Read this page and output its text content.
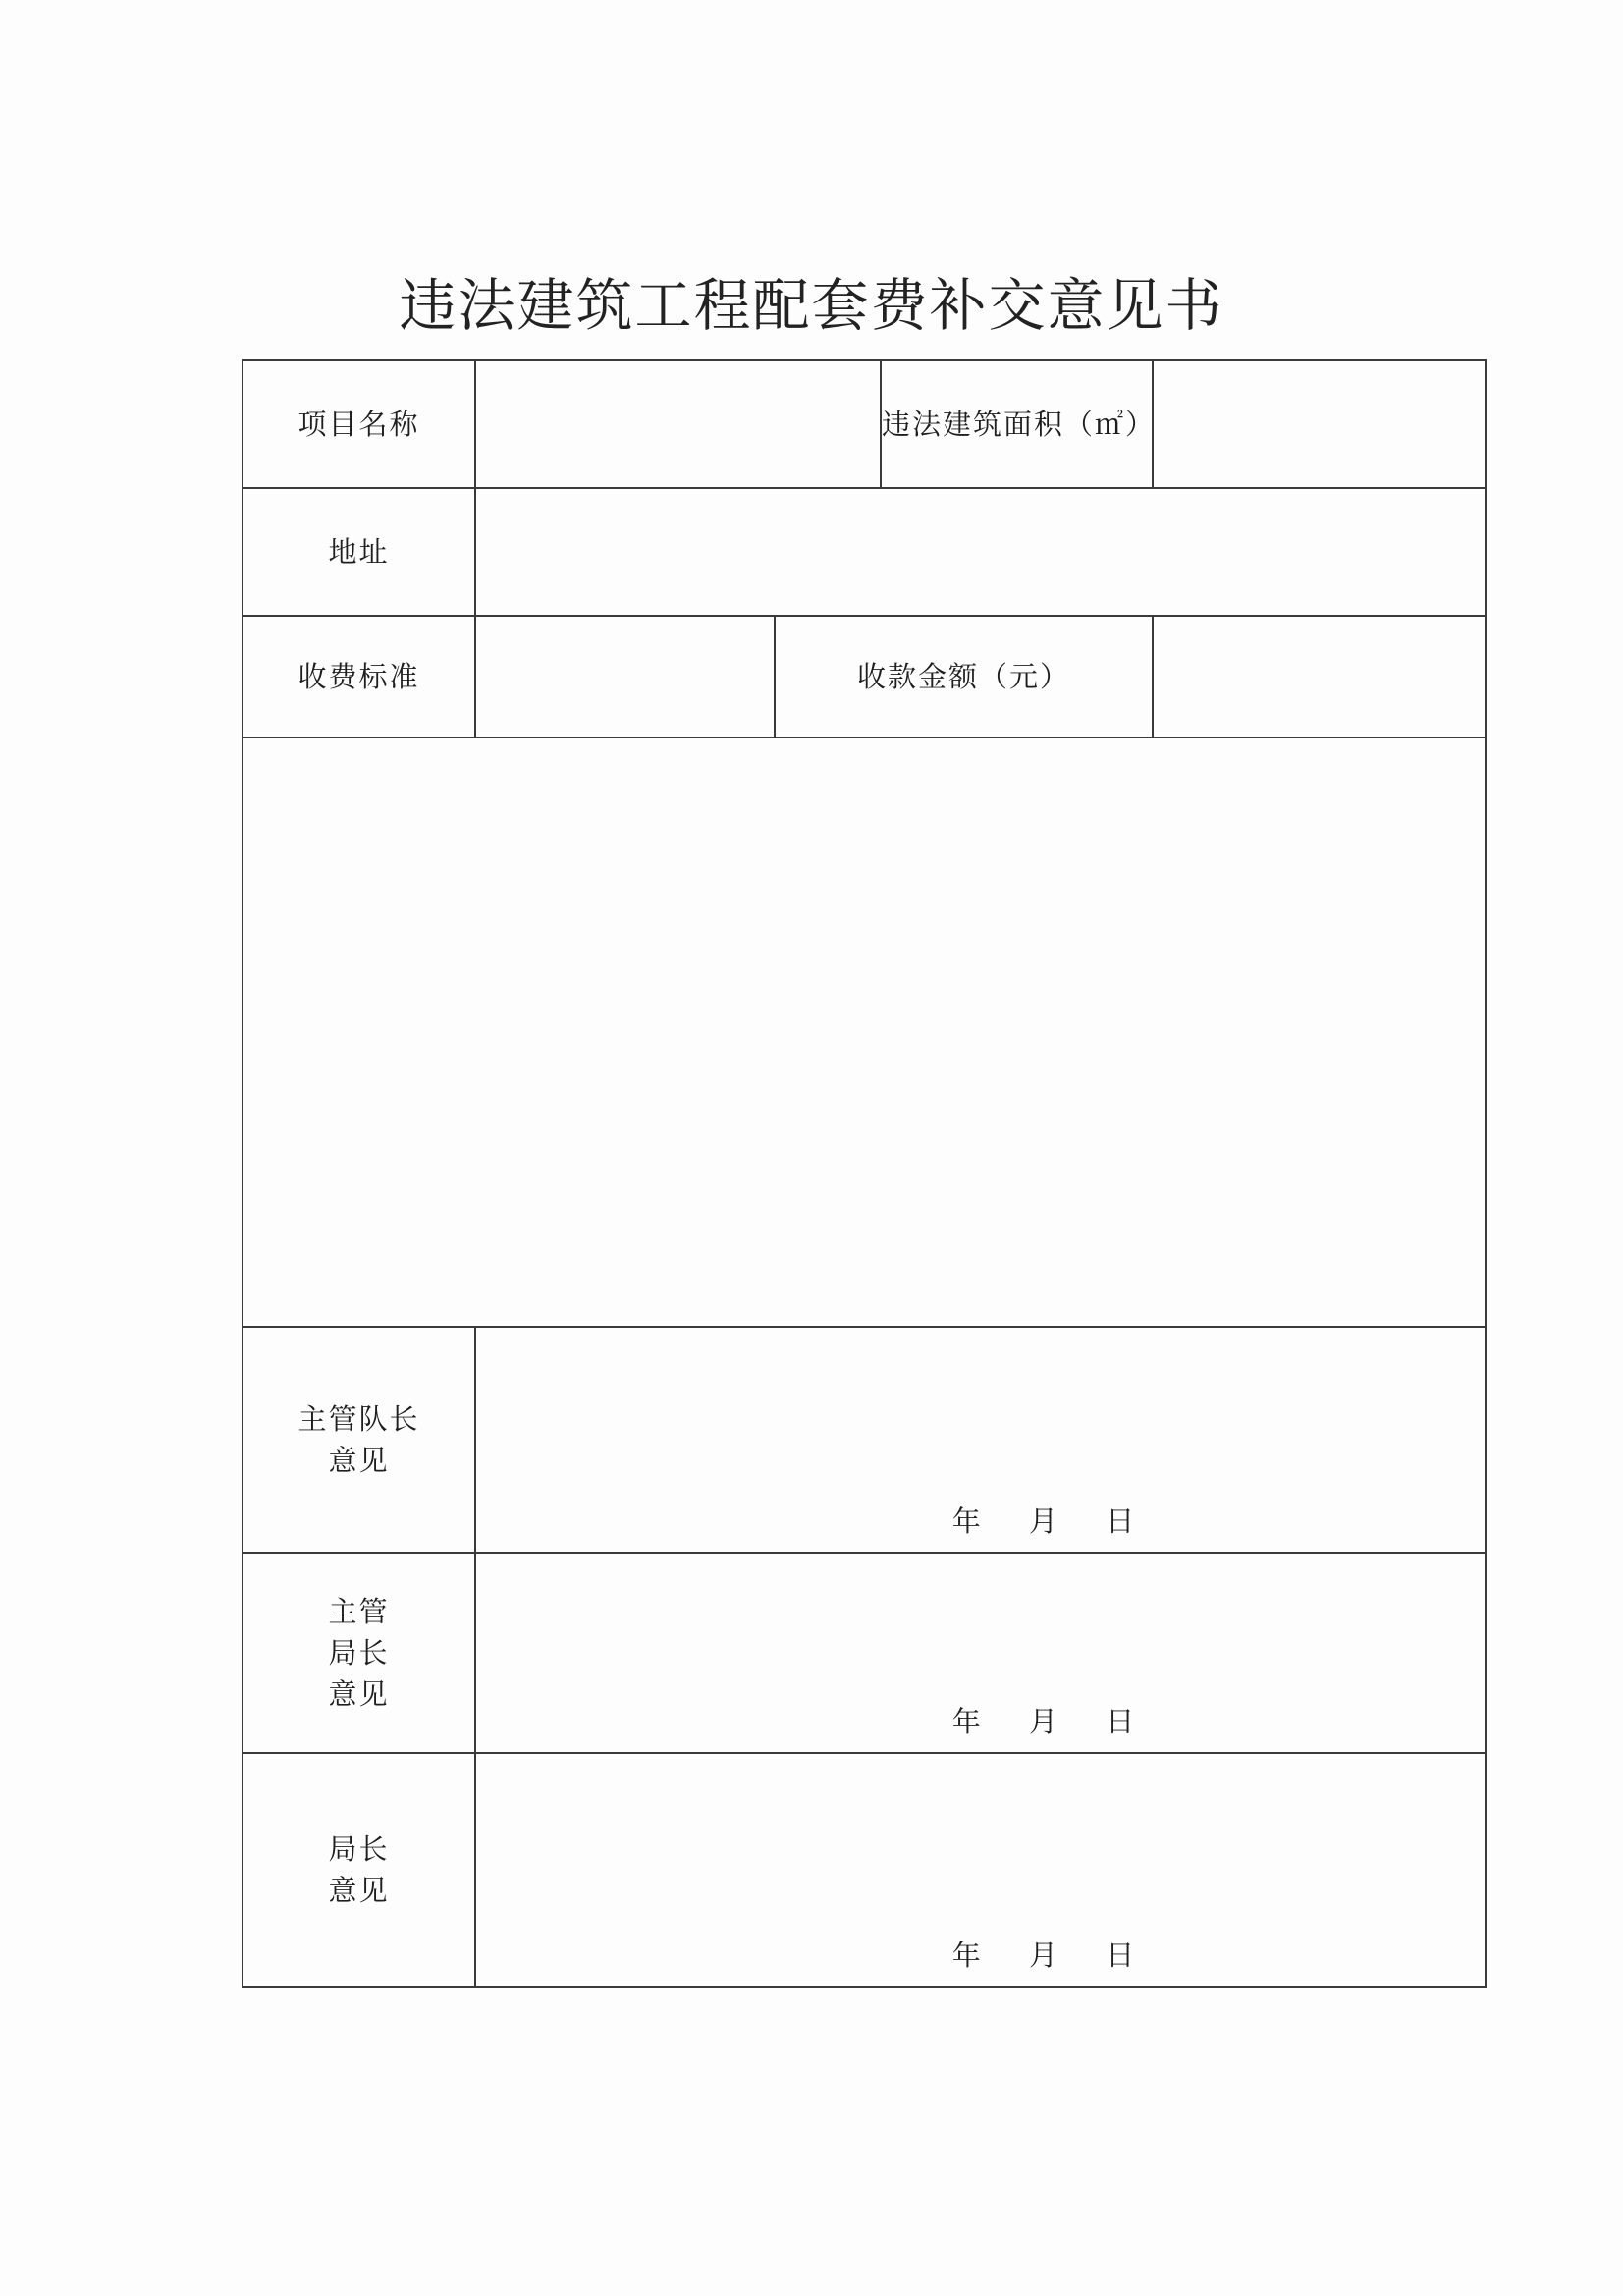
违法建筑工程配套费补交意见书
项目名称			违法建筑面积（㎡）	
地址				
收费标准		收款金额（元）		

主管队长
意见	年 月 日			

主管
局长
意见	年 月 日			

局长
意见	年 月 日			
